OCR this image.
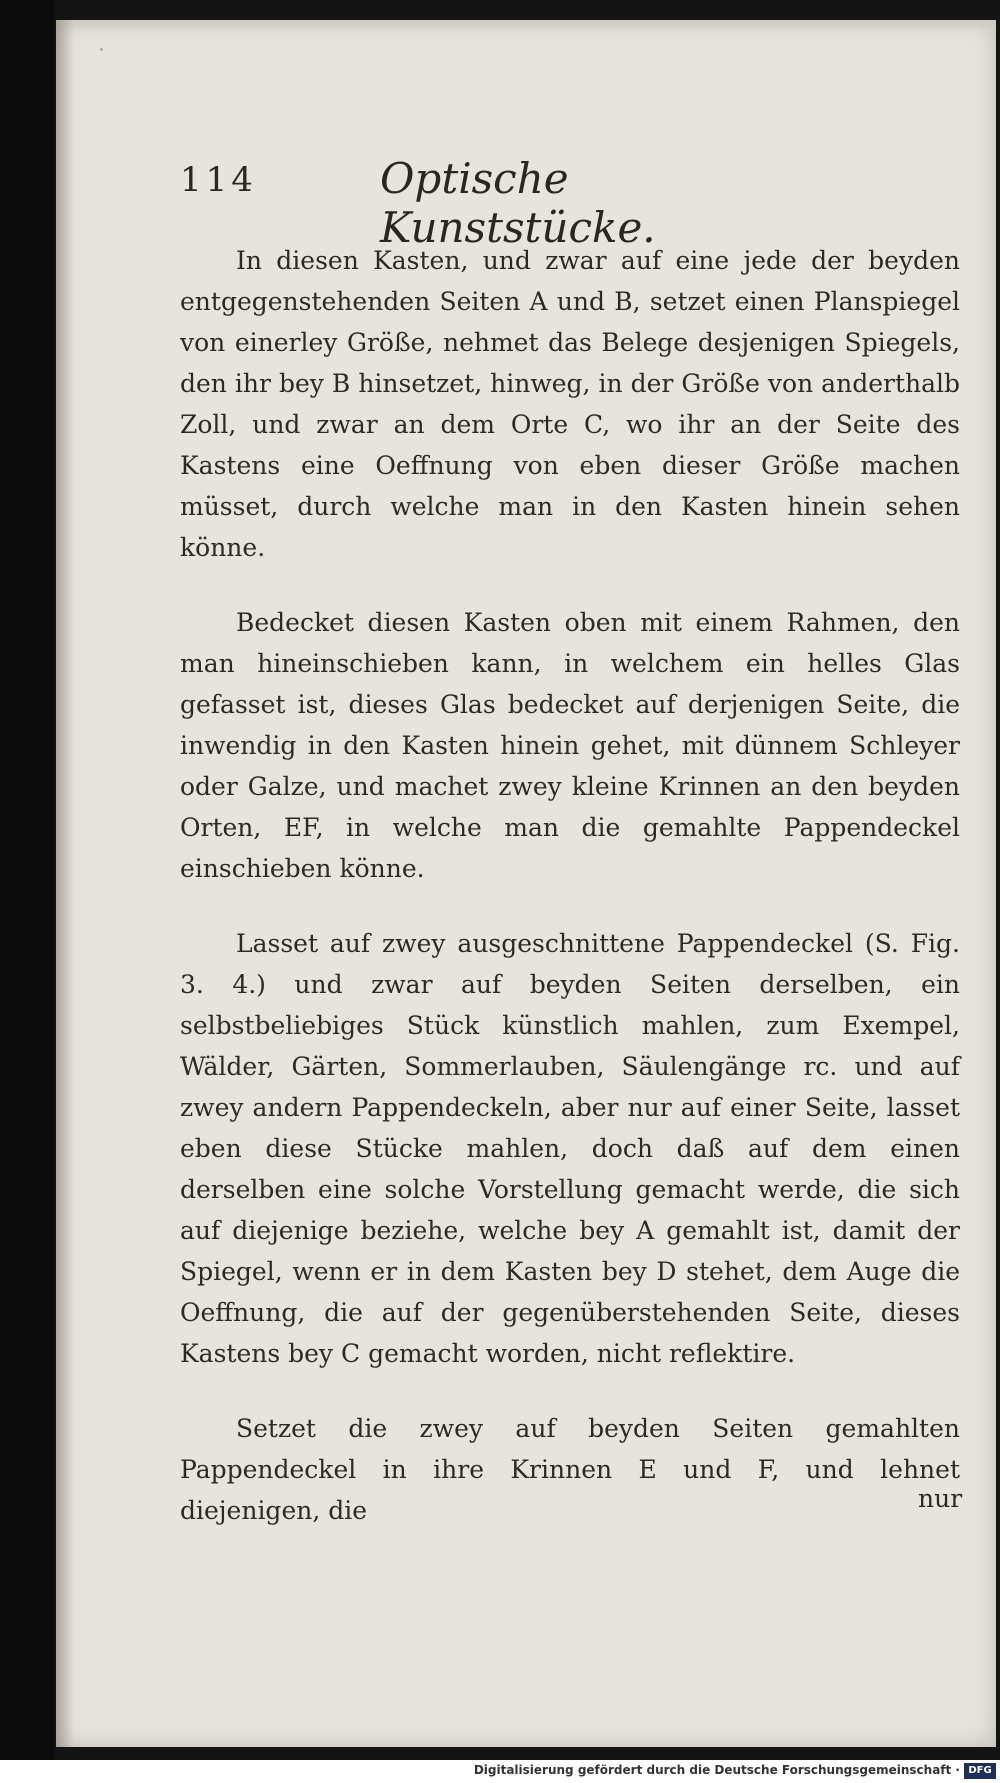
114	Optische Kunststücke.

In diesen Kasten, und zwar auf eine jede der beyden entgegenstehenden Seiten A und B, setzet einen Planspiegel von einerley Größe, nehmet das Belege desjenigen Spiegels, den ihr bey B hinsetzet, hinweg, in der Größe von anderthalb Zoll, und zwar an dem Orte C, wo ihr an der Seite des Kastens eine Oeffnung von eben dieser Größe machen müsset, durch welche man in den Kasten hinein sehen könne.

Bedecket diesen Kasten oben mit einem Rahmen, den man hineinschieben kann, in welchem ein helles Glas gefasset ist, dieses Glas bedecket auf derjenigen Seite, die inwendig in den Kasten hinein gehet, mit dünnem Schleyer oder Galze, und machet zwey kleine Krinnen an den beyden Orten, EF, in welche man die gemahlte Pappendeckel einschieben könne.

Lasset auf zwey ausgeschnittene Pappendeckel (S. Fig. 3. 4.) und zwar auf beyden Seiten derselben, ein selbstbeliebiges Stück künstlich mahlen, zum Exempel, Wälder, Gärten, Sommerlauben, Säulengänge rc. und auf zwey andern Pappendeckeln, aber nur auf einer Seite, lasset eben diese Stücke mahlen, doch daß auf dem einen derselben eine solche Vorstellung gemacht werde, die sich auf diejenige beziehe, welche bey A gemahlt ist, damit der Spiegel, wenn er in dem Kasten bey D stehet, dem Auge die Oeffnung, die auf der gegenüberstehenden Seite, dieses Kastens bey C gemacht worden, nicht reflektire.

Setzet die zwey auf beyden Seiten gemahlten Pappendeckel in ihre Krinnen E und F, und lehnet diejenigen, die	nur
Digitalisierung gefördert durch die Deutsche Forschungsgemeinschaft · DFG
